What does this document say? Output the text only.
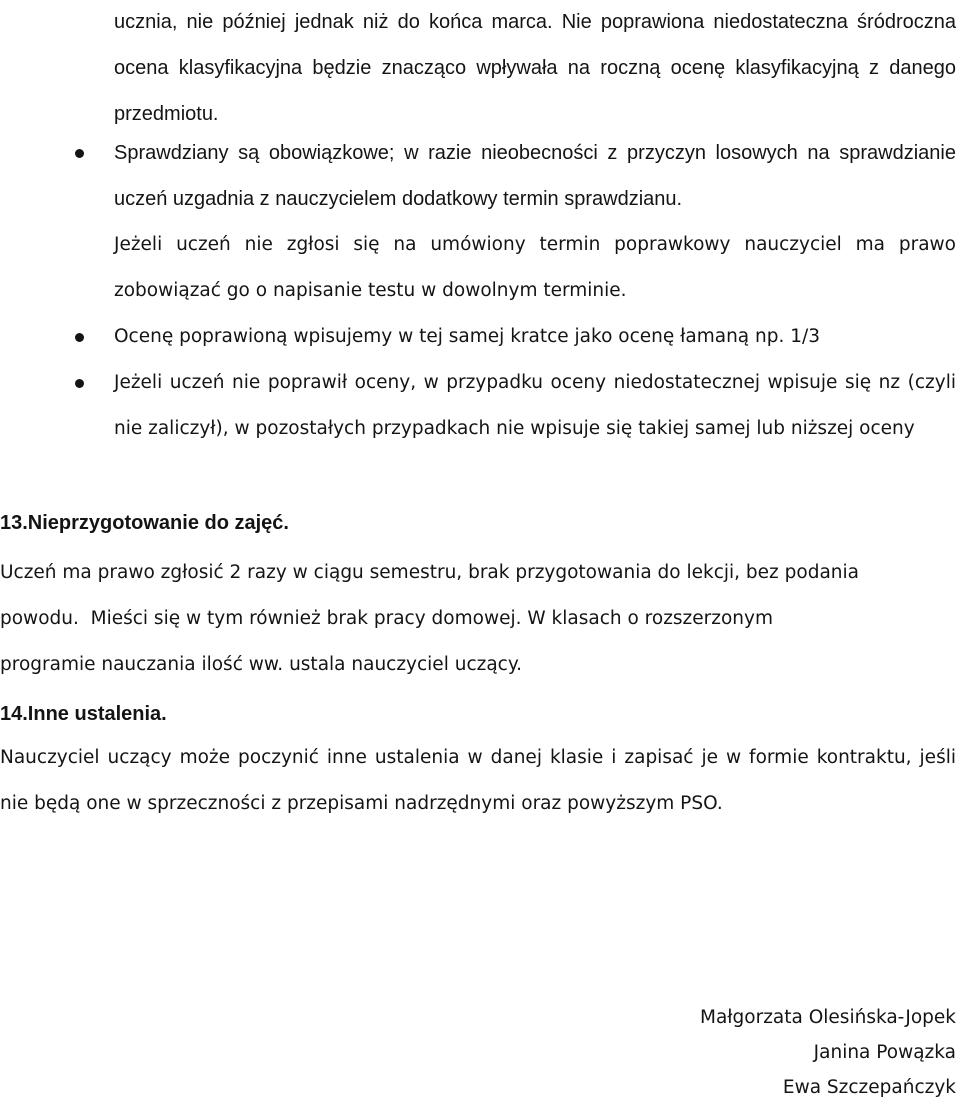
ucznia, nie później jednak niż do końca marca. Nie poprawiona niedostateczna śródroczna ocena klasyfikacyjna będzie znacząco wpływała na roczną ocenę klasyfikacyjną z danego przedmiotu.
Sprawdziany są obowiązkowe; w razie nieobecności z przyczyn losowych na sprawdzianie uczeń uzgadnia z nauczycielem dodatkowy termin sprawdzianu.
Jeżeli uczeń nie zgłosi się na umówiony termin poprawkowy nauczyciel ma prawo zobowiązać go o napisanie testu w dowolnym terminie.
Ocenę poprawioną wpisujemy w tej samej kratce jako ocenę łamaną np. 1/3
Jeżeli uczeń nie poprawił oceny, w przypadku oceny niedostatecznej wpisuje się nz (czyli nie zaliczył), w pozostałych przypadkach nie wpisuje się takiej samej lub niższej oceny
13.Nieprzygotowanie do zajęć.
Uczeń ma prawo zgłosić 2 razy w ciągu semestru, brak przygotowania do lekcji, bez podania
powodu.  Mieści się w tym również brak pracy domowej. W klasach o rozszerzonym
programie nauczania ilość ww. ustala nauczyciel uczący.
14.Inne ustalenia.
Nauczyciel uczący może poczynić inne ustalenia w danej klasie i zapisać je w formie kontraktu, jeśli nie będą one w sprzeczności z przepisami nadrzędnymi oraz powyższym PSO.
Małgorzata Olesińska-Jopek
Janina Powązka
Ewa Szczepańczyk
